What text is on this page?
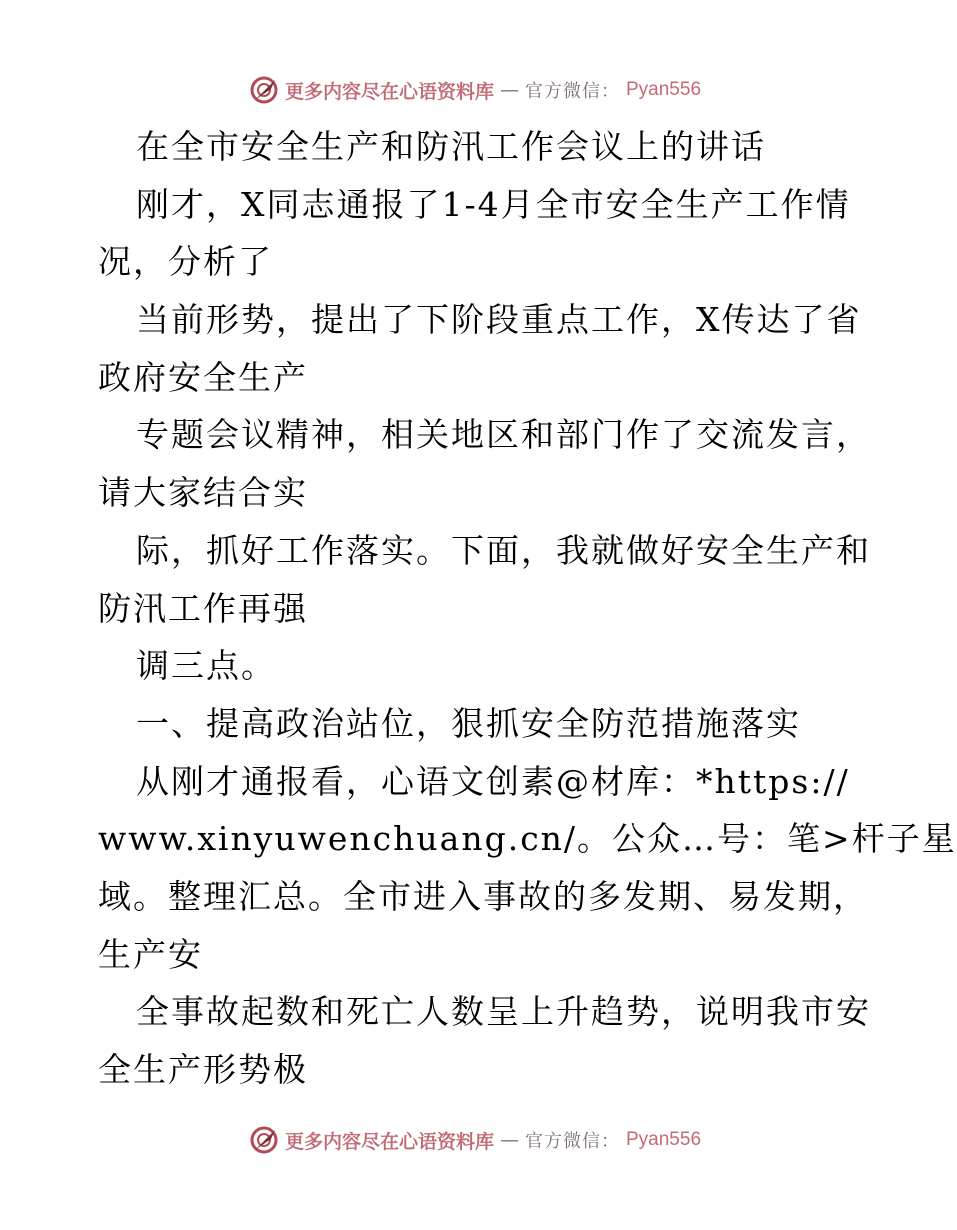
更多内容尽在心语资料库 — 官方微信： Pyan556
在全市安全生产和防汛工作会议上的讲话
刚才，X同志通报了1-4月全市安全生产工作情
况，分析了
当前形势，提出了下阶段重点工作，X传达了省
政府安全生产
专题会议精神，相关地区和部门作了交流发言，
请大家结合实
际，抓好工作落实。下面，我就做好安全生产和
防汛工作再强
调三点。
一、提高政治站位，狠抓安全防范措施落实
从刚才通报看，心语文创素@材库：*https://
www.xinyuwenchuang.cn/。公众…号：笔>杆子星
域。整理汇总。全市进入事故的多发期、易发期，
生产安
全事故起数和死亡人数呈上升趋势，说明我市安
全生产形势极
更多内容尽在心语资料库 — 官方微信： Pyan556
